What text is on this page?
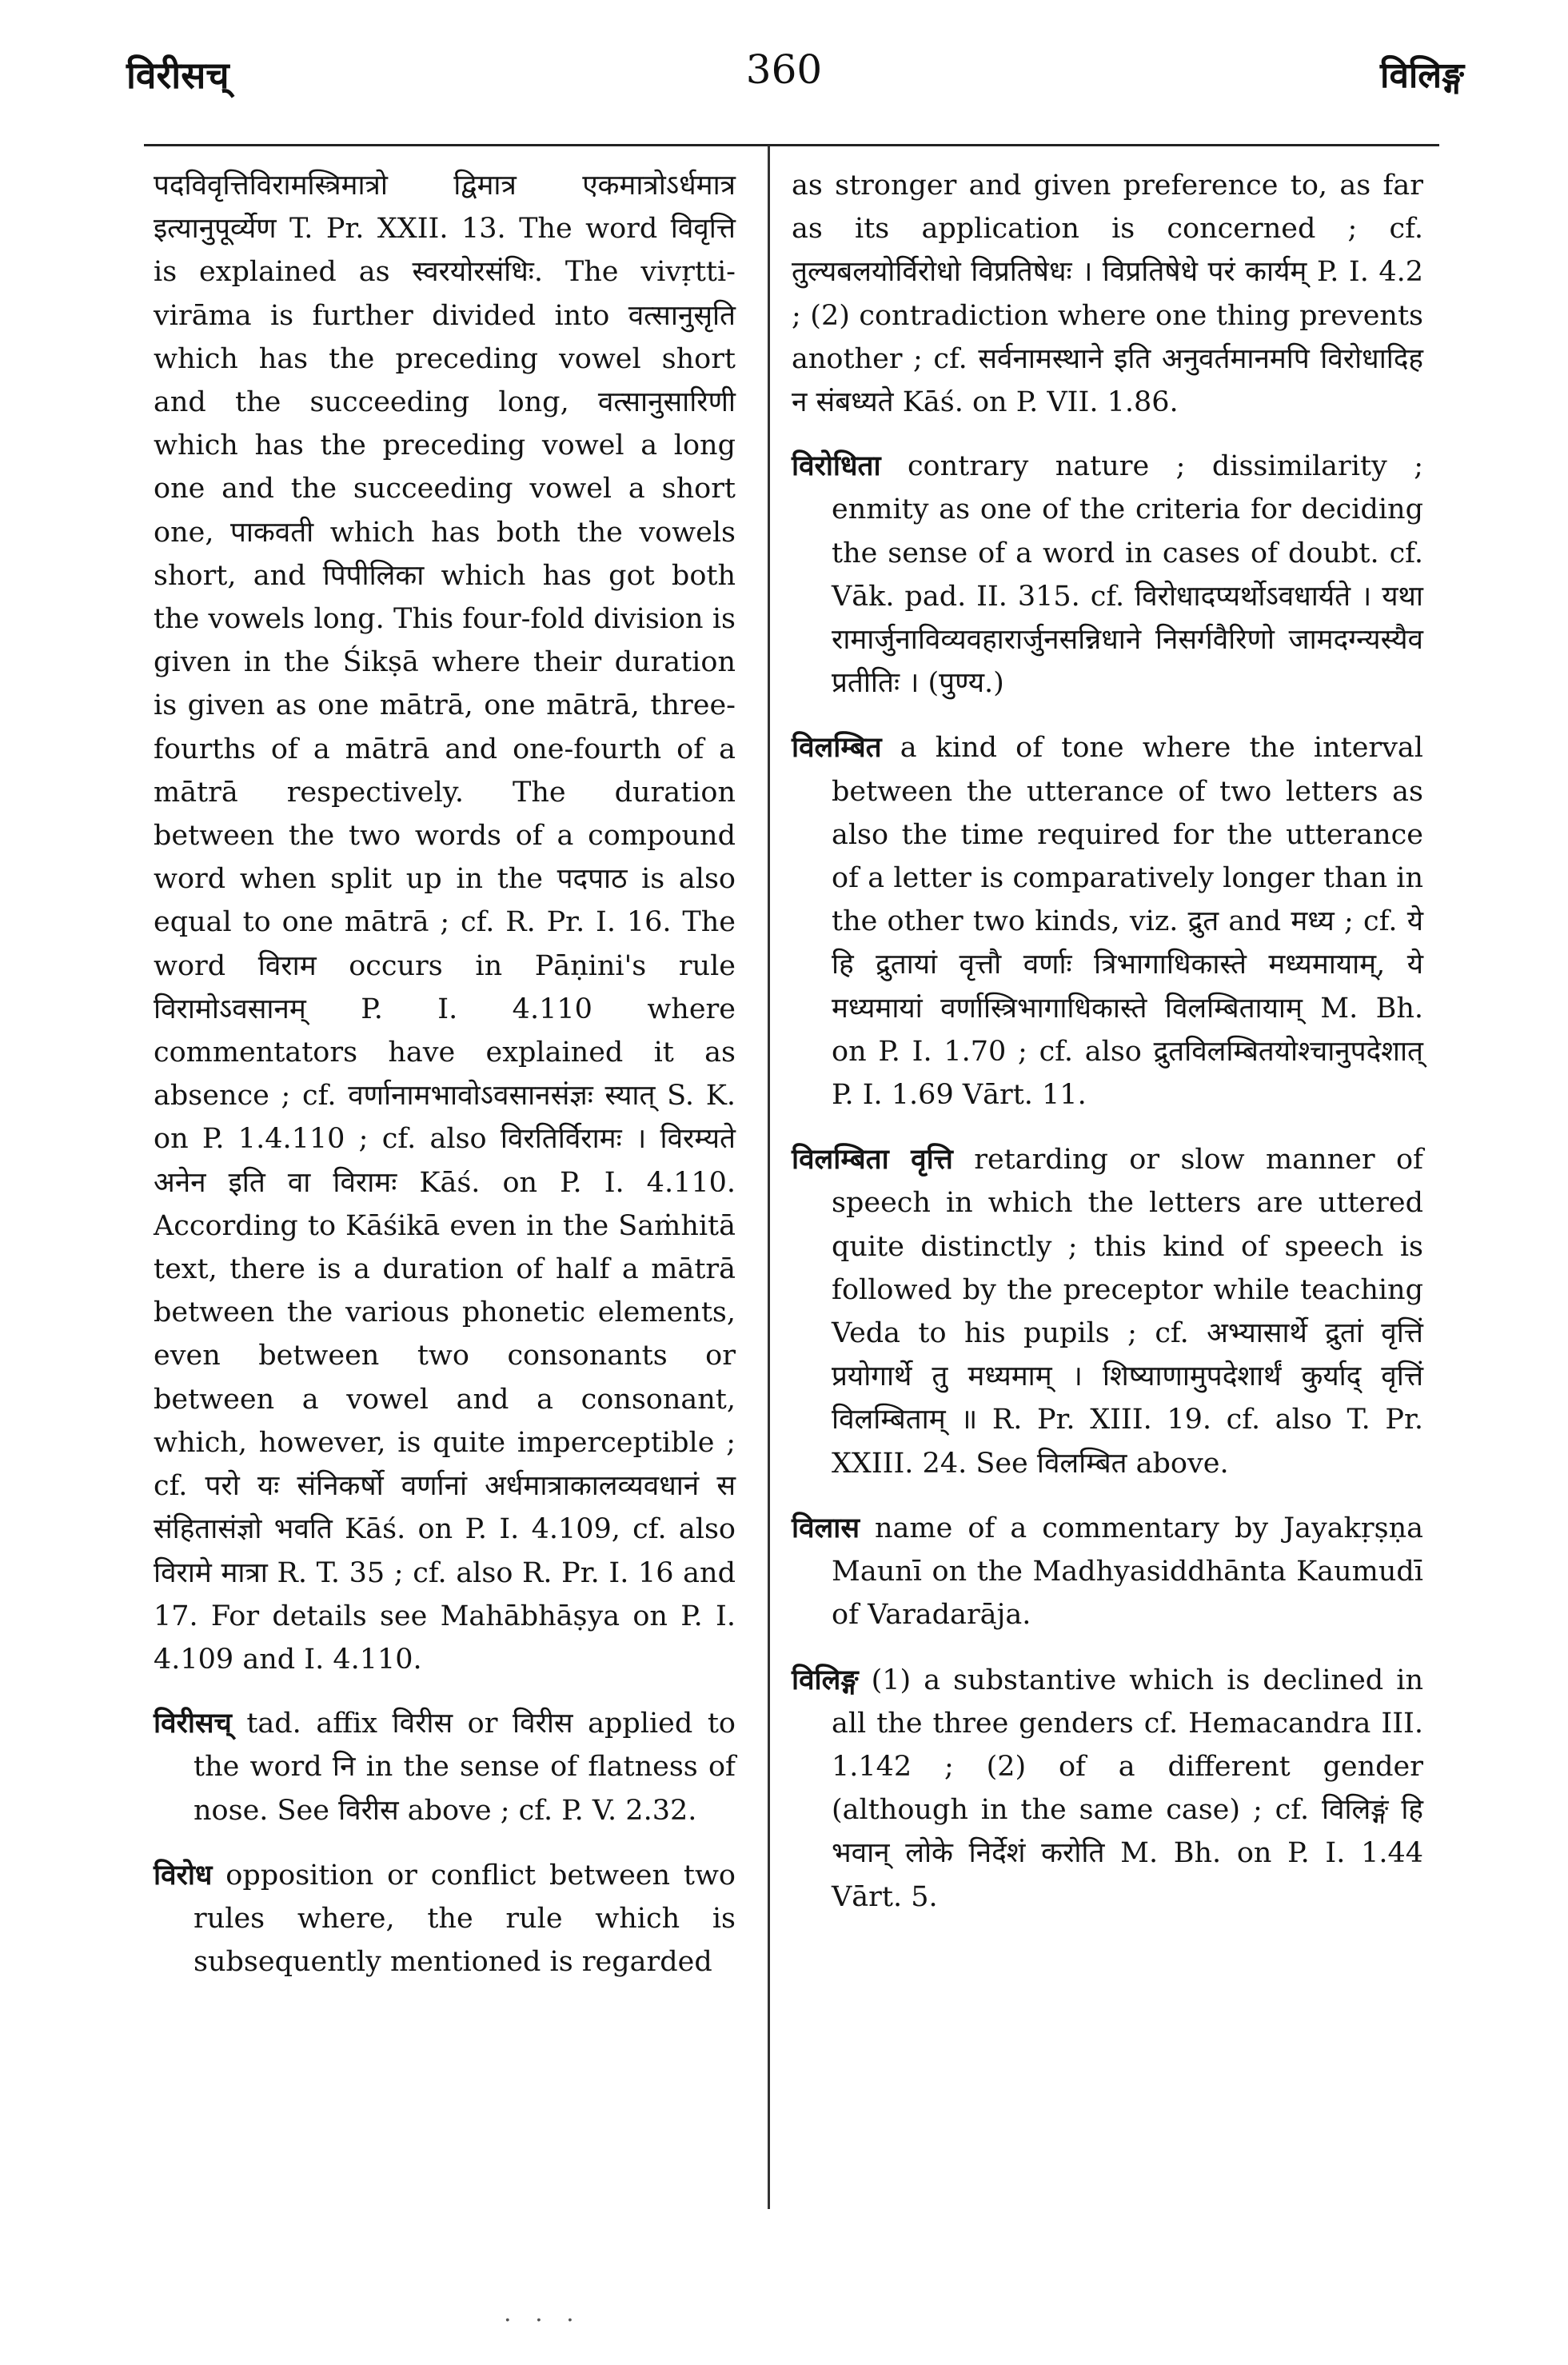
विरीसच्	360	विलिङ्ग

पदविवृत्तिविरामस्त्रिमात्रो द्विमात्र एकमात्रोऽर्धमात्र इत्यानुपूर्व्येण T. Pr. XXII. 13. The word विवृत्ति is explained as स्वरयोरसंधिः. The vivṛtti-virāma is further divided into वत्सानुसृति which has the preceding vowel short and the succeeding long, वत्सानुसारिणी which has the preceding vowel a long one and the succeeding vowel a short one, पाकवती which has both the vowels short, and पिपीलिका which has got both the vowels long. This four-fold division is given in the Śikṣā where their duration is given as one mātrā, one mātrā, three-fourths of a mātrā and one-fourth of a mātrā respectively. The duration between the two words of a compound word when split up in the पदपाठ is also equal to one mātrā ; cf. R. Pr. I. 16. The word विराम occurs in Pāṇini's rule विरामोऽवसानम् P. I. 4.110 where commentators have explained it as absence ; cf. वर्णानामभावोऽवसानसंज्ञः स्यात् S. K. on P. 1.4.110 ; cf. also विरतिर्विरामः । विरम्यते अनेन इति वा विरामः Kāś. on P. I. 4.110. According to Kāśikā even in the Saṁhitā text, there is a duration of half a mātrā between the various phonetic elements, even between two consonants or between a vowel and a consonant, which, however, is quite imperceptible ; cf. परो यः संनिकर्षो वर्णानां अर्धमात्राकालव्यवधानं स संहितासंज्ञो भवति Kāś. on P. I. 4.109, cf. also विरामे मात्रा R. T. 35 ; cf. also R. Pr. I. 16 and 17. For details see Mahābhāṣya on P. I. 4.109 and I. 4.110.

विरीसच् tad. affix विरीस or विरीस applied to the word नि in the sense of flatness of nose. See विरीस above ; cf. P. V. 2.32.

विरोध opposition or conflict between two rules where, the rule which is subsequently mentioned is regarded

as stronger and given preference to, as far as its application is concerned ; cf. तुल्यबलयोर्विरोधो विप्रतिषेधः । विप्रतिषेधे परं कार्यम् P. I. 4.2 ; (2) contradiction where one thing prevents another ; cf. सर्वनामस्थाने इति अनुवर्तमानमपि विरोधादिह न संबध्यते Kāś. on P. VII. 1.86.

विरोधिता contrary nature ; dissimilarity ; enmity as one of the criteria for deciding the sense of a word in cases of doubt. cf. Vāk. pad. II. 315. cf. विरोधादप्यर्थोऽवधार्यते । यथा रामार्जुनाविव्यवहारार्जुनसन्निधाने निसर्गवैरिणो जामदग्न्यस्यैव प्रतीतिः । (पुण्य.)

विलम्बित a kind of tone where the interval between the utterance of two letters as also the time required for the utterance of a letter is comparatively longer than in the other two kinds, viz. द्रुत and मध्य ; cf. ये हि द्रुतायां वृत्तौ वर्णाः त्रिभागाधिकास्ते मध्यमायाम्, ये मध्यमायां वर्णास्त्रिभागाधिकास्ते विलम्बितायाम् M. Bh. on P. I. 1.70 ; cf. also द्रुतविलम्बितयोश्चानुपदेशात् P. I. 1.69 Vārt. 11.

विलम्बिता वृत्ति retarding or slow manner of speech in which the letters are uttered quite distinctly ; this kind of speech is followed by the preceptor while teaching Veda to his pupils ; cf. अभ्यासार्थे द्रुतां वृत्तिं प्रयोगार्थे तु मध्यमाम् । शिष्याणामुपदेशार्थं कुर्याद् वृत्तिं विलम्बिताम् ॥ R. Pr. XIII. 19. cf. also T. Pr. XXIII. 24. See विलम्बित above.

विलास name of a commentary by Jayakṛṣṇa Maunī on the Madhyasiddhānta Kaumudī of Varadarāja.

विलिङ्ग (1) a substantive which is declined in all the three genders cf. Hemacandra III. 1.142 ; (2) of a different gender (although in the same case) ; cf. विलिङ्गं हि भवान् लोके निर्देशं करोति M. Bh. on P. I. 1.44 Vārt. 5.

. . .
